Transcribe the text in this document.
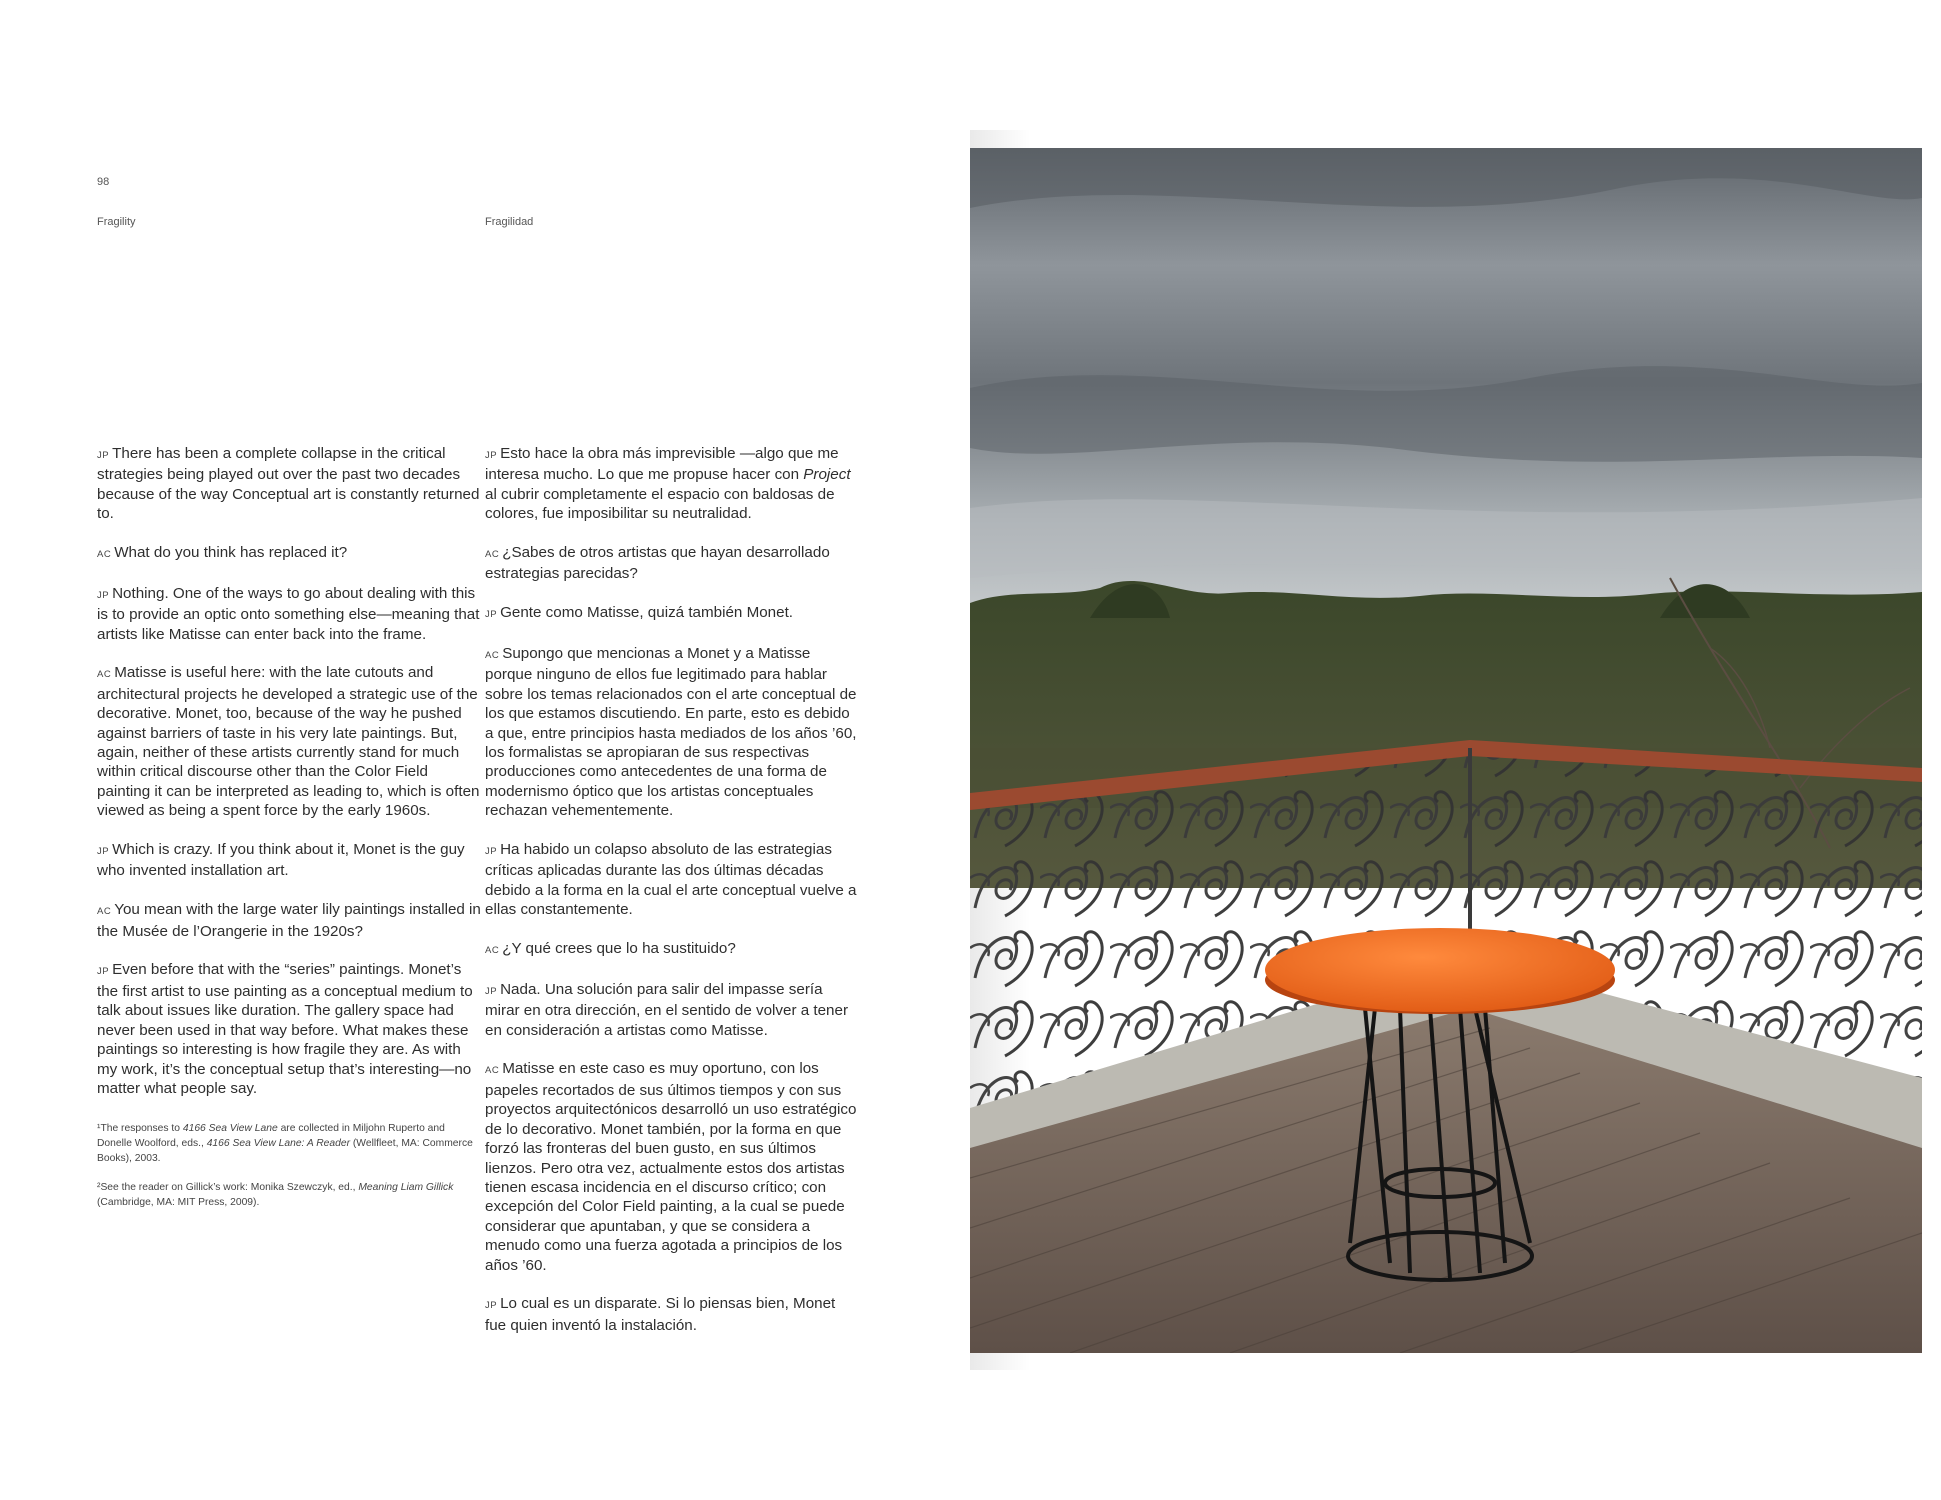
98
Fragility	Fragilidad

JP There has been a complete collapse in the critical strategies being played out over the past two decades because of the way Conceptual art is constantly returned to.

AC What do you think has replaced it?

JP Nothing. One of the ways to go about dealing with this is to provide an optic onto something else—meaning that artists like Matisse can enter back into the frame.

AC Matisse is useful here: with the late cutouts and architectural projects he developed a strategic use of the decorative. Monet, too, because of the way he pushed against barriers of taste in his very late paintings. But, again, neither of these artists currently stand for much within critical discourse other than the Color Field painting it can be interpreted as leading to, which is often viewed as being a spent force by the early 1960s.

JP Which is crazy. If you think about it, Monet is the guy who invented installation art.

AC You mean with the large water lily paintings installed in the Musée de l’Orangerie in the 1920s?

JP Even before that with the “series” paintings. Monet’s the first artist to use painting as a conceptual medium to talk about issues like duration. The gallery space had never been used in that way before. What makes these paintings so interesting is how fragile they are. As with my work, it’s the conceptual setup that’s interesting—no matter what people say.

¹The responses to 4166 Sea View Lane are collected in Miljohn Ruperto and Donelle Woolford, eds., 4166 Sea View Lane: A Reader (Wellfleet, MA: Commerce Books), 2003.

²See the reader on Gillick’s work: Monika Szewczyk, ed., Meaning Liam Gillick (Cambridge, MA: MIT Press, 2009).

JP Esto hace la obra más imprevisible —algo que me interesa mucho. Lo que me propuse hacer con Project al cubrir completamente el espacio con baldosas de colores, fue imposibilitar su neutralidad.

AC ¿Sabes de otros artistas que hayan desarrollado estrategias parecidas?

JP Gente como Matisse, quizá también Monet.

AC Supongo que mencionas a Monet y a Matisse porque ninguno de ellos fue legitimado para hablar sobre los temas relacionados con el arte conceptual de los que estamos discutiendo. En parte, esto es debido a que, entre principios hasta mediados de los años ’60, los formalistas se apropiaran de sus respectivas producciones como antecedentes de una forma de modernismo óptico que los artistas conceptuales rechazan vehementemente.

JP Ha habido un colapso absoluto de las estrategias críticas aplicadas durante las dos últimas décadas debido a la forma en la cual el arte conceptual vuelve a ellas constantemente.

AC ¿Y qué crees que lo ha sustituido?

JP Nada. Una solución para salir del impasse sería mirar en otra dirección, en el sentido de volver a tener en consideración a artistas como Matisse.

AC Matisse en este caso es muy oportuno, con los papeles recortados de sus últimos tiempos y con sus proyectos arquitectónicos desarrolló un uso estratégico de lo decorativo. Monet también, por la forma en que forzó las fronteras del buen gusto, en sus últimos lienzos. Pero otra vez, actualmente estos dos artistas tienen escasa incidencia en el discurso crítico; con excepción del Color Field painting, a la cual se puede considerar que apuntaban, y que se considera a menudo como una fuerza agotada a principios de los años ’60.

JP Lo cual es un disparate. Si lo piensas bien, Monet fue quien inventó la instalación.
